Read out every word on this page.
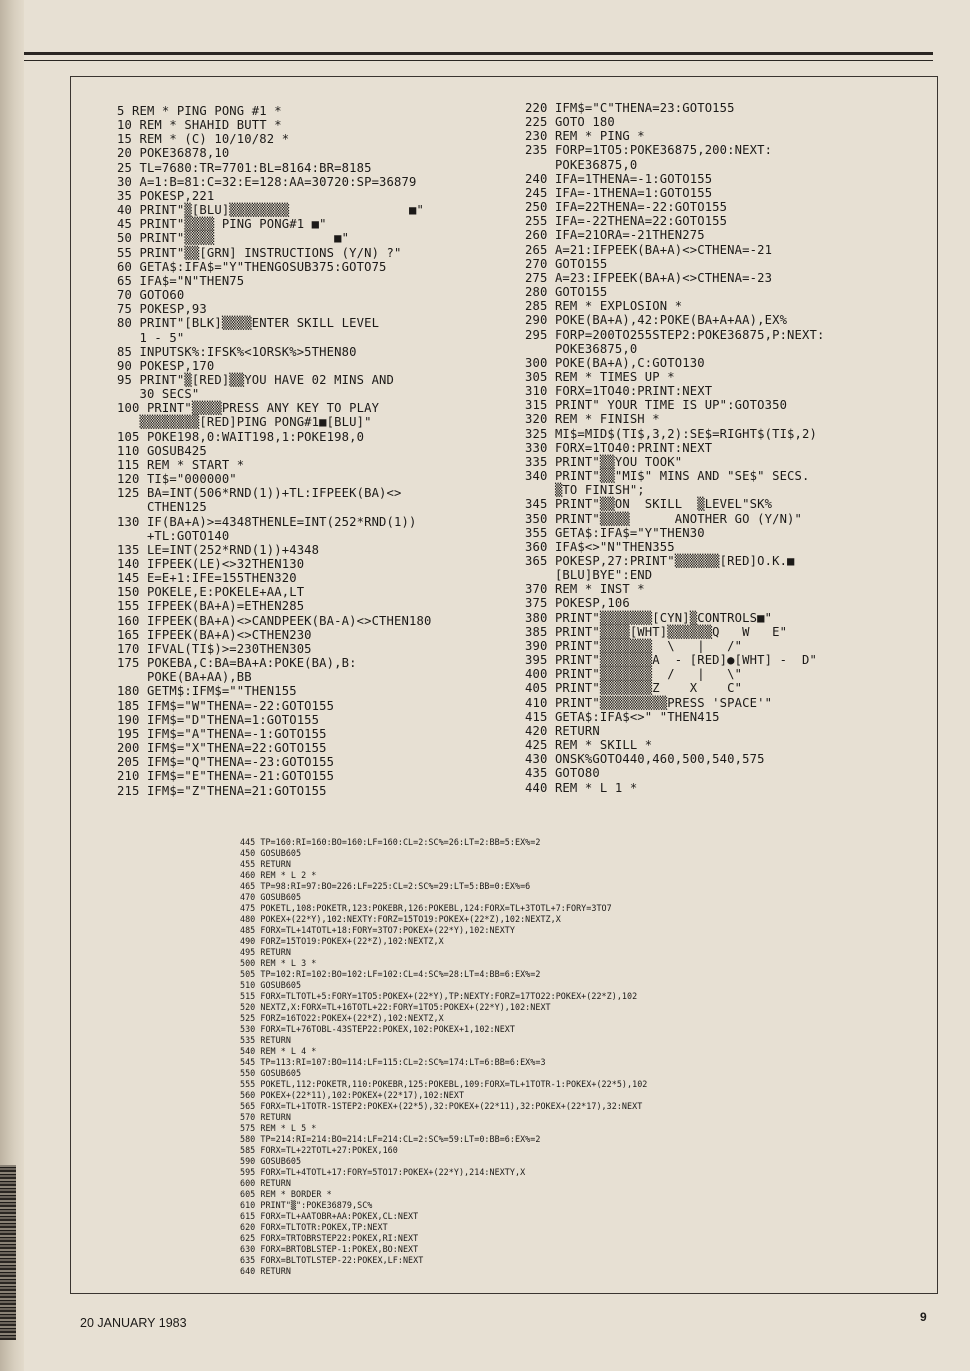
5 REM * PING PONG #1 *
10 REM * SHAHID BUTT *
15 REM * (C) 10/10/82 *
20 POKE36878,10
25 TL=7680:TR=7701:BL=8164:BR=8185
30 A=1:B=81:C=32:E=128:AA=30720:SP=36879
35 POKESP,221
40 PRINT"▒[BLU]▒▒▒▒▒▒▒▒                ■"
45 PRINT"▒▒▒▒ PING PONG#1 ■"
50 PRINT"▒▒▒▒                ■"
55 PRINT"▒▒[GRN] INSTRUCTIONS (Y/N) ?"
60 GETA$:IFA$="Y"THENGOSUB375:GOTO75
65 IFA$="N"THEN75
70 GOTO60
75 POKESP,93
80 PRINT"[BLK]▒▒▒▒ENTER SKILL LEVEL
1 - 5"
85 INPUTSK%:IFSK%<1ORSK%>5THEN80
90 POKESP,170
95 PRINT"▒[RED]▒▒YOU HAVE 02 MINS AND
30 SECS"
100 PRINT"▒▒▒▒PRESS ANY KEY TO PLAY
▒▒▒▒▒▒▒▒[RED]PING PONG#1■[BLU]"
105 POKE198,0:WAIT198,1:POKE198,0
110 GOSUB425
115 REM * START *
120 TI$="000000"
125 BA=INT(506*RND(1))+TL:IFPEEK(BA)<>
CTHEN125
130 IF(BA+A)>=4348THENLE=INT(252*RND(1))
+TL:GOTO140
135 LE=INT(252*RND(1))+4348
140 IFPEEK(LE)<>32THEN130
145 E=E+1:IFE=155THEN320
150 POKELE,E:POKELE+AA,LT
155 IFPEEK(BA+A)=ETHEN285
160 IFPEEK(BA+A)<>CANDPEEK(BA-A)<>CTHEN180
165 IFPEEK(BA+A)<>CTHEN230
170 IFVAL(TI$)>=230THEN305
175 POKEBA,C:BA=BA+A:POKE(BA),B:
POKE(BA+AA),BB
180 GETM$:IFM$=""THEN155
185 IFM$="W"THENA=-22:GOTO155
190 IFM$="D"THENA=1:GOTO155
195 IFM$="A"THENA=-1:GOTO155
200 IFM$="X"THENA=22:GOTO155
205 IFM$="Q"THENA=-23:GOTO155
210 IFM$="E"THENA=-21:GOTO155
215 IFM$="Z"THENA=21:GOTO155
220 IFM$="C"THENA=23:GOTO155
225 GOTO 180
230 REM * PING *
235 FORP=1TO5:POKE36875,200:NEXT:
POKE36875,0
240 IFA=1THENA=-1:GOTO155
245 IFA=-1THENA=1:GOTO155
250 IFA=22THENA=-22:GOTO155
255 IFA=-22THENA=22:GOTO155
260 IFA=21ORA=-21THEN275
265 A=21:IFPEEK(BA+A)<>CTHENA=-21
270 GOTO155
275 A=23:IFPEEK(BA+A)<>CTHENA=-23
280 GOTO155
285 REM * EXPLOSION *
290 POKE(BA+A),42:POKE(BA+A+AA),EX%
295 FORP=200TO255STEP2:POKE36875,P:NEXT:
POKE36875,0
300 POKE(BA+A),C:GOTO130
305 REM * TIMES UP *
310 FORX=1TO40:PRINT:NEXT
315 PRINT" YOUR TIME IS UP":GOTO350
320 REM * FINISH *
325 MI$=MID$(TI$,3,2):SE$=RIGHT$(TI$,2)
330 FORX=1TO40:PRINT:NEXT
335 PRINT"▒▒YOU TOOK"
340 PRINT"▒▒"MI$" MINS AND "SE$" SECS.
▒TO FINISH";
345 PRINT"▒▒ON  SKILL  ▒LEVEL"SK%
350 PRINT"▒▒▒▒      ANOTHER GO (Y/N)"
355 GETA$:IFA$="Y"THEN30
360 IFA$<>"N"THEN355
365 POKESP,27:PRINT"▒▒▒▒▒▒[RED]O.K.■
[BLU]BYE":END
370 REM * INST *
375 POKESP,106
380 PRINT"▒▒▒▒▒▒▒[CYN]▒CONTROLS■"
385 PRINT"▒▒▒▒[WHT]▒▒▒▒▒▒Q   W   E"
390 PRINT"▒▒▒▒▒▒▒  \   |   /"
395 PRINT"▒▒▒▒▒▒▒A  - [RED]●[WHT] -  D"
400 PRINT"▒▒▒▒▒▒▒  /   |   \"
405 PRINT"▒▒▒▒▒▒▒Z    X    C"
410 PRINT"▒▒▒▒▒▒▒▒▒PRESS 'SPACE'"
415 GETA$:IFA$<>" "THEN415
420 RETURN
425 REM * SKILL *
430 ONSK%GOTO440,460,500,540,575
435 GOTO80
440 REM * L 1 *
445 TP=160:RI=160:BO=160:LF=160:CL=2:SC%=26:LT=2:BB=5:EX%=2
450 GOSUB605
455 RETURN
460 REM * L 2 *
465 TP=98:RI=97:BO=226:LF=225:CL=2:SC%=29:LT=5:BB=0:EX%=6
470 GOSUB605
475 POKETL,108:POKETR,123:POKEBR,126:POKEBL,124:FORX=TL+3TOTL+7:FORY=3TO7
480 POKEX+(22*Y),102:NEXTY:FORZ=15TO19:POKEX+(22*Z),102:NEXTZ,X
485 FORX=TL+14TOTL+18:FORY=3TO7:POKEX+(22*Y),102:NEXTY
490 FORZ=15TO19:POKEX+(22*Z),102:NEXTZ,X
495 RETURN
500 REM * L 3 *
505 TP=102:RI=102:BO=102:LF=102:CL=4:SC%=28:LT=4:BB=6:EX%=2
510 GOSUB605
515 FORX=TLTOTL+5:FORY=1TO5:POKEX+(22*Y),TP:NEXTY:FORZ=17TO22:POKEX+(22*Z),102
520 NEXTZ,X:FORX=TL+16TOTL+22:FORY=1TO5:POKEX+(22*Y),102:NEXT
525 FORZ=16TO22:POKEX+(22*Z),102:NEXTZ,X
530 FORX=TL+76TOBL-43STEP22:POKEX,102:POKEX+1,102:NEXT
535 RETURN
540 REM * L 4 *
545 TP=113:RI=107:BO=114:LF=115:CL=2:SC%=174:LT=6:BB=6:EX%=3
550 GOSUB605
555 POKETL,112:POKETR,110:POKEBR,125:POKEBL,109:FORX=TL+1TOTR-1:POKEX+(22*5),102
560 POKEX+(22*11),102:POKEX+(22*17),102:NEXT
565 FORX=TL+1TOTR-1STEP2:POKEX+(22*5),32:POKEX+(22*11),32:POKEX+(22*17),32:NEXT
570 RETURN
575 REM * L 5 *
580 TP=214:RI=214:BO=214:LF=214:CL=2:SC%=59:LT=0:BB=6:EX%=2
585 FORX=TL+22TOTL+27:POKEX,160
590 GOSUB605
595 FORX=TL+4TOTL+17:FORY=5TO17:POKEX+(22*Y),214:NEXTY,X
600 RETURN
605 REM * BORDER *
610 PRINT"▒":POKE36879,SC%
615 FORX=TL+AATOBR+AA:POKEX,CL:NEXT
620 FORX=TLTOTR:POKEX,TP:NEXT
625 FORX=TRTOBRSTEP22:POKEX,RI:NEXT
630 FORX=BRTOBLSTEP-1:POKEX,BO:NEXT
635 FORX=BLTOTLSTEP-22:POKEX,LF:NEXT
640 RETURN
20 JANUARY 1983	9
